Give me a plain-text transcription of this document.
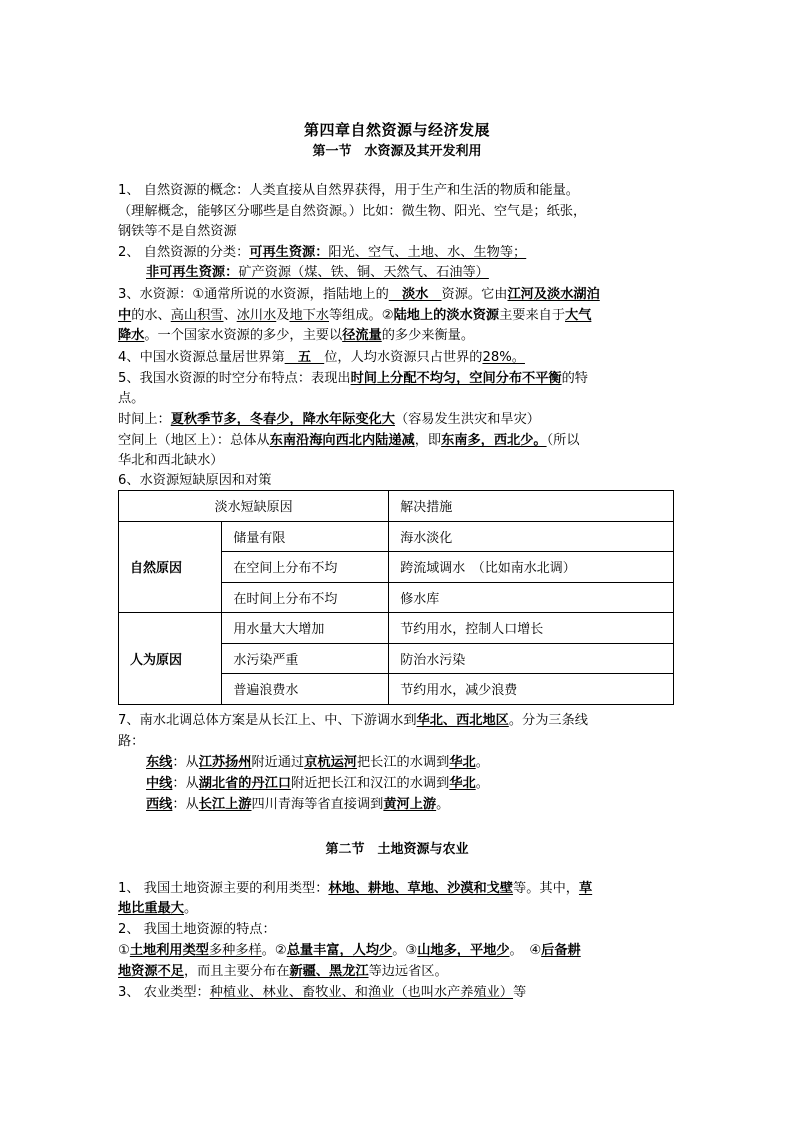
第四章自然资源与经济发展
第一节　水资源及其开发利用
1、 自然资源的概念：人类直接从自然界获得，用于生产和生活的物质和能量。
（理解概念，能够区分哪些是自然资源。）比如：微生物、阳光、空气是；纸张，
钢铁等不是自然资源
2、 自然资源的分类：可再生资源：阳光、空气、土地、水、生物等；
非可再生资源：矿产资源（煤、铁、铜、天然气、石油等）
3、水资源：①通常所说的水资源，指陆地上的　淡水　资源。它由江河及淡水湖泊
中的水、高山积雪、冰川水及地下水等组成。②陆地上的淡水资源主要来自于大气
降水。一个国家水资源的多少，主要以径流量的多少来衡量。
4、中国水资源总量居世界第　五　位，人均水资源只占世界的28%。
5、我国水资源的时空分布特点：表现出时间上分配不均匀，空间分布不平衡的特
点。
时间上：夏秋季节多，冬春少，降水年际变化大（容易发生洪灾和旱灾）
空间上（地区上）：总体从东南沿海向西北内陆递减，即东南多，西北少。（所以
华北和西北缺水）
6、水资源短缺原因和对策
淡水短缺原因		解决措施
自然原因	储量有限	海水淡化
	在空间上分布不均	跨流域调水　（比如南水北调）
	在时间上分布不均	修水库
人为原因	用水量大大增加	节约用水，控制人口增长
	水污染严重	防治水污染
	普遍浪费水	节约用水，减少浪费
7、南水北调总体方案是从长江上、中、下游调水到华北、西北地区。分为三条线
路：
东线：从江苏扬州附近通过京杭运河把长江的水调到华北。
中线：从湖北省的丹江口附近把长江和汉江的水调到华北。
西线：从长江上游四川青海等省直接调到黄河上游。
第二节　土地资源与农业
1、 我国土地资源主要的利用类型：林地、耕地、草地、沙漠和戈壁等。其中，草
地比重最大。
2、 我国土地资源的特点：
①土地利用类型多种多样。②总量丰富，人均少。③山地多，平地少。　④后备耕
地资源不足，而且主要分布在新疆、黑龙江等边远省区。
3、 农业类型：种植业、林业、畜牧业、和渔业（也叫水产养殖业）等
